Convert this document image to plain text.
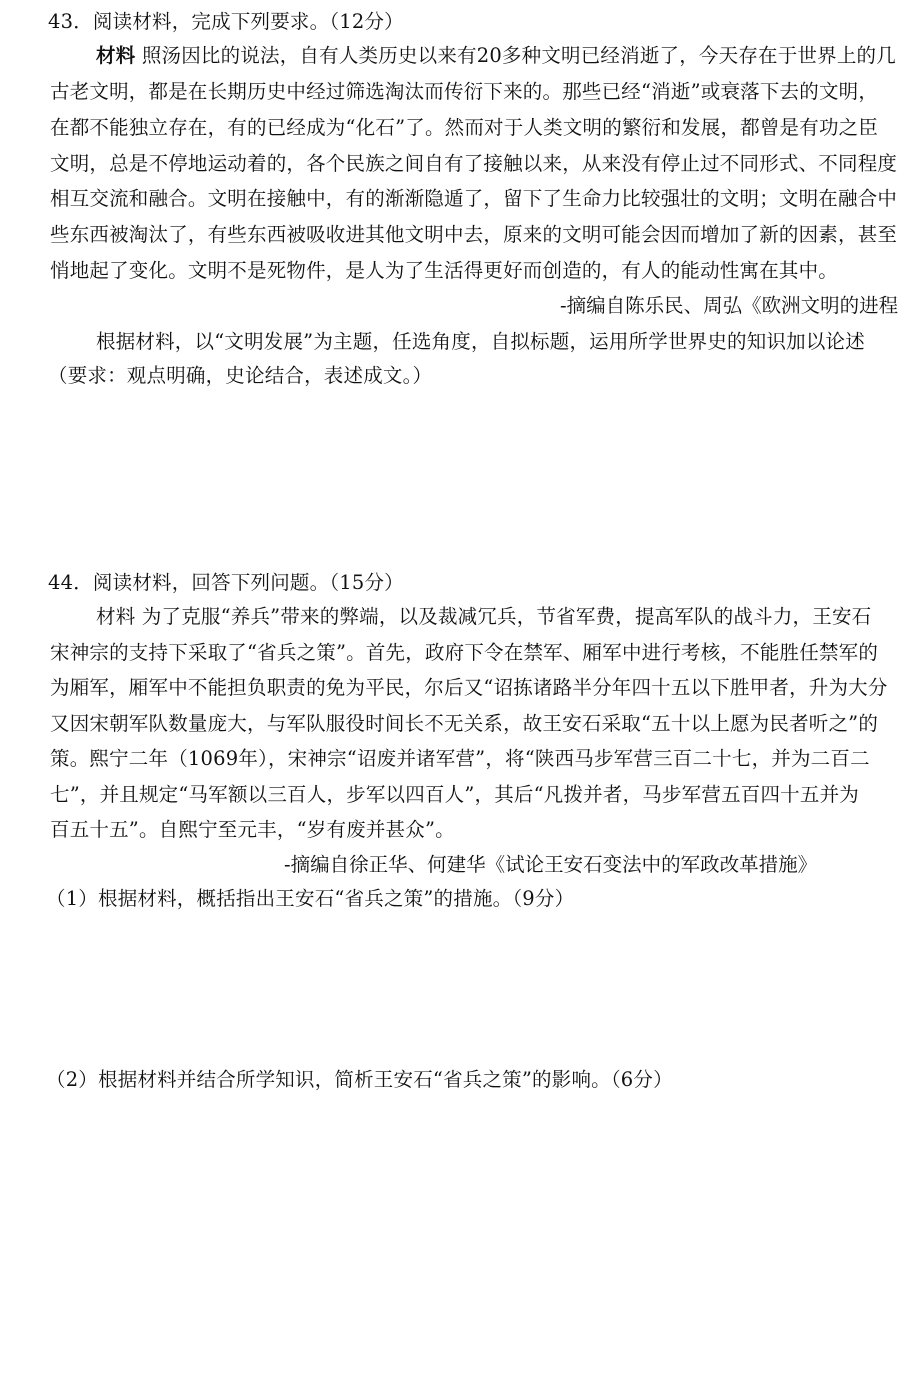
43．阅读材料，完成下列要求。（12分）
材料 照汤因比的说法，自有人类历史以来有20多种文明已经消逝了，今天存在于世界上的几
古老文明，都是在长期历史中经过筛选淘汰而传衍下来的。那些已经“消逝”或衰落下去的文明，
在都不能独立存在，有的已经成为“化石”了。然而对于人类文明的繁衍和发展，都曾是有功之臣
文明，总是不停地运动着的，各个民族之间自有了接触以来，从来没有停止过不同形式、不同程度
相互交流和融合。文明在接触中，有的渐渐隐遁了，留下了生命力比较强壮的文明；文明在融合中
些东西被淘汰了，有些东西被吸收进其他文明中去，原来的文明可能会因而增加了新的因素，甚至
悄地起了变化。文明不是死物件，是人为了生活得更好而创造的，有人的能动性寓在其中。
-摘编自陈乐民、周弘《欧洲文明的进程
根据材料，以“文明发展”为主题，任选角度，自拟标题，运用所学世界史的知识加以论述
（要求：观点明确，史论结合，表述成文。）
44．阅读材料，回答下列问题。（15分）
材料 为了克服“养兵”带来的弊端，以及裁减冗兵，节省军费，提高军队的战斗力，王安石
宋神宗的支持下采取了“省兵之策”。首先，政府下令在禁军、厢军中进行考核，不能胜任禁军的
为厢军，厢军中不能担负职责的免为平民，尔后又“诏拣诸路半分年四十五以下胜甲者，升为大分
又因宋朝军队数量庞大，与军队服役时间长不无关系，故王安石采取“五十以上愿为民者听之”的
策。熙宁二年（1069年），宋神宗“诏废并诸军营”，将“陕西马步军营三百二十七，并为二百二
七”，并且规定“马军额以三百人，步军以四百人”，其后“凡拨并者，马步军营五百四十五并为
百五十五”。自熙宁至元丰，“岁有废并甚众”。
-摘编自徐正华、何建华《试论王安石变法中的军政改革措施》
（1）根据材料，概括指出王安石“省兵之策”的措施。（9分）
（2）根据材料并结合所学知识，简析王安石“省兵之策”的影响。（6分）
